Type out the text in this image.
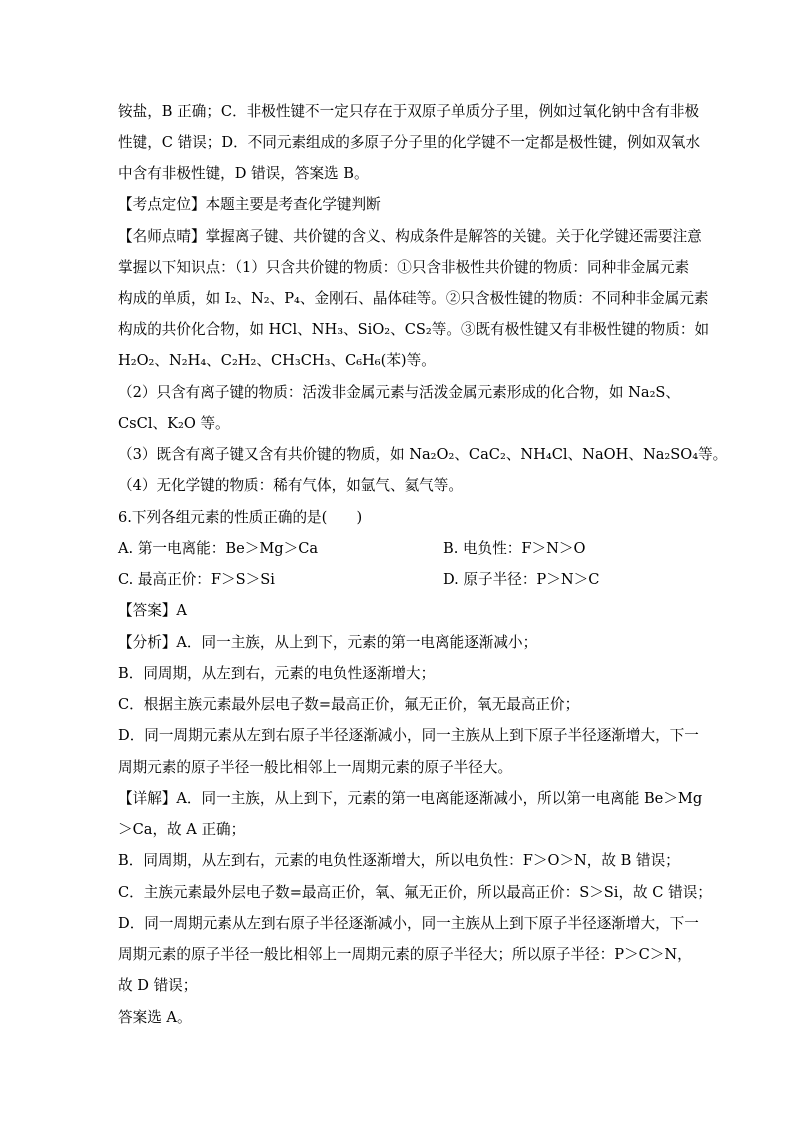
铵盐，B 正确；C．非极性键不一定只存在于双原子单质分子里，例如过氧化钠中含有非极
性键，C 错误；D．不同元素组成的多原子分子里的化学键不一定都是极性键，例如双氧水
中含有非极性键，D 错误，答案选 B。
【考点定位】本题主要是考查化学键判断
【名师点晴】掌握离子键、共价键的含义、构成条件是解答的关键。关于化学键还需要注意
掌握以下知识点：（1）只含共价键的物质：①只含非极性共价键的物质：同种非金属元素
构成的单质，如 I₂、N₂、P₄、金刚石、晶体硅等。②只含极性键的物质：不同种非金属元素
构成的共价化合物，如 HCl、NH₃、SiO₂、CS₂等。③既有极性键又有非极性键的物质：如
H₂O₂、N₂H₄、C₂H₂、CH₃CH₃、C₆H₆(苯)等。
（2）只含有离子键的物质：活泼非金属元素与活泼金属元素形成的化合物，如 Na₂S、
CsCl、K₂O 等。
（3）既含有离子键又含有共价键的物质，如 Na₂O₂、CaC₂、NH₄Cl、NaOH、Na₂SO₄等。
（4）无化学键的物质：稀有气体，如氩气、氦气等。
6.下列各组元素的性质正确的是(　　)
A. 第一电离能：Be＞Mg＞Ca	B. 电负性：F＞N＞O
C. 最高正价：F＞S＞Si	D. 原子半径：P＞N＞C
【答案】A
【分析】A．同一主族，从上到下，元素的第一电离能逐渐减小；
B．同周期，从左到右，元素的电负性逐渐增大；
C．根据主族元素最外层电子数=最高正价，氟无正价，氧无最高正价；
D．同一周期元素从左到右原子半径逐渐减小，同一主族从上到下原子半径逐渐增大，下一
周期元素的原子半径一般比相邻上一周期元素的原子半径大。
【详解】A．同一主族，从上到下，元素的第一电离能逐渐减小，所以第一电离能 Be＞Mg
＞Ca，故 A 正确；
B．同周期，从左到右，元素的电负性逐渐增大，所以电负性：F＞O＞N，故 B 错误；
C．主族元素最外层电子数=最高正价，氧、氟无正价，所以最高正价：S＞Si，故 C 错误；
D．同一周期元素从左到右原子半径逐渐减小，同一主族从上到下原子半径逐渐增大，下一
周期元素的原子半径一般比相邻上一周期元素的原子半径大；所以原子半径：P＞C＞N，
故 D 错误；
答案选 A。
